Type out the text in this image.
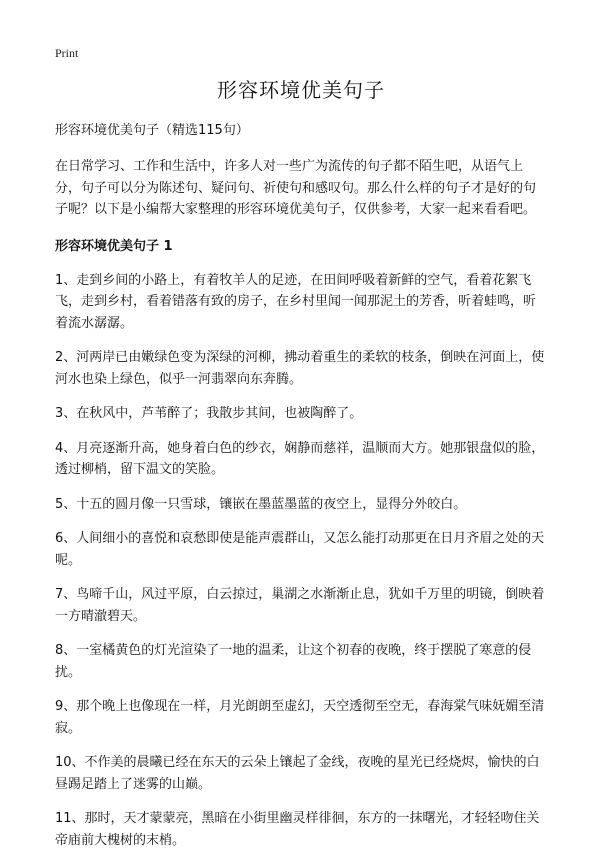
Print
形容环境优美句子

形容环境优美句子（精选115句）

在日常学习、工作和生活中，许多人对一些广为流传的句子都不陌生吧，从语气上分，句子可以分为陈述句、疑问句、祈使句和感叹句。那么什么样的句子才是好的句子呢？以下是小编帮大家整理的形容环境优美句子，仅供参考，大家一起来看看吧。

形容环境优美句子 1

1、走到乡间的小路上，有着牧羊人的足迹，在田间呼吸着新鲜的空气，看着花絮飞飞，走到乡村，看着错落有致的房子，在乡村里闻一闻那泥土的芳香，听着蛙鸣，听着流水潺潺。
2、河两岸已由嫩绿色变为深绿的河柳，拂动着重生的柔软的枝条，倒映在河面上，使河水也染上绿色，似乎一河翡翠向东奔腾。
3、在秋风中，芦苇醉了；我散步其间，也被陶醉了。
4、月亮逐渐升高，她身着白色的纱衣，娴静而慈祥，温顺而大方。她那银盘似的脸，透过柳梢，留下温文的笑脸。
5、十五的圆月像一只雪球，镶嵌在墨蓝墨蓝的夜空上，显得分外皎白。
6、人间细小的喜悦和哀愁即使是能声震群山，又怎么能打动那更在日月齐眉之处的天呢。
7、鸟啼千山，风过平原，白云掠过，巢湖之水渐渐止息，犹如千万里的明镜，倒映着一方晴澈碧天。
8、一室橘黄色的灯光渲染了一地的温柔，让这个初春的夜晚，终于摆脱了寒意的侵扰。
9、那个晚上也像现在一样，月光朗朗至虚幻，天空透彻至空无，春海棠气味妩媚至清寂。
10、不作美的晨曦已经在东天的云朵上镶起了金线，夜晚的星光已经烧烬，愉快的白昼踢足踏上了迷雾的山巅。
11、那时，天才蒙蒙亮，黑暗在小街里幽灵样徘徊，东方的一抹曙光，才轻轻吻住关帝庙前大槐树的末梢。
